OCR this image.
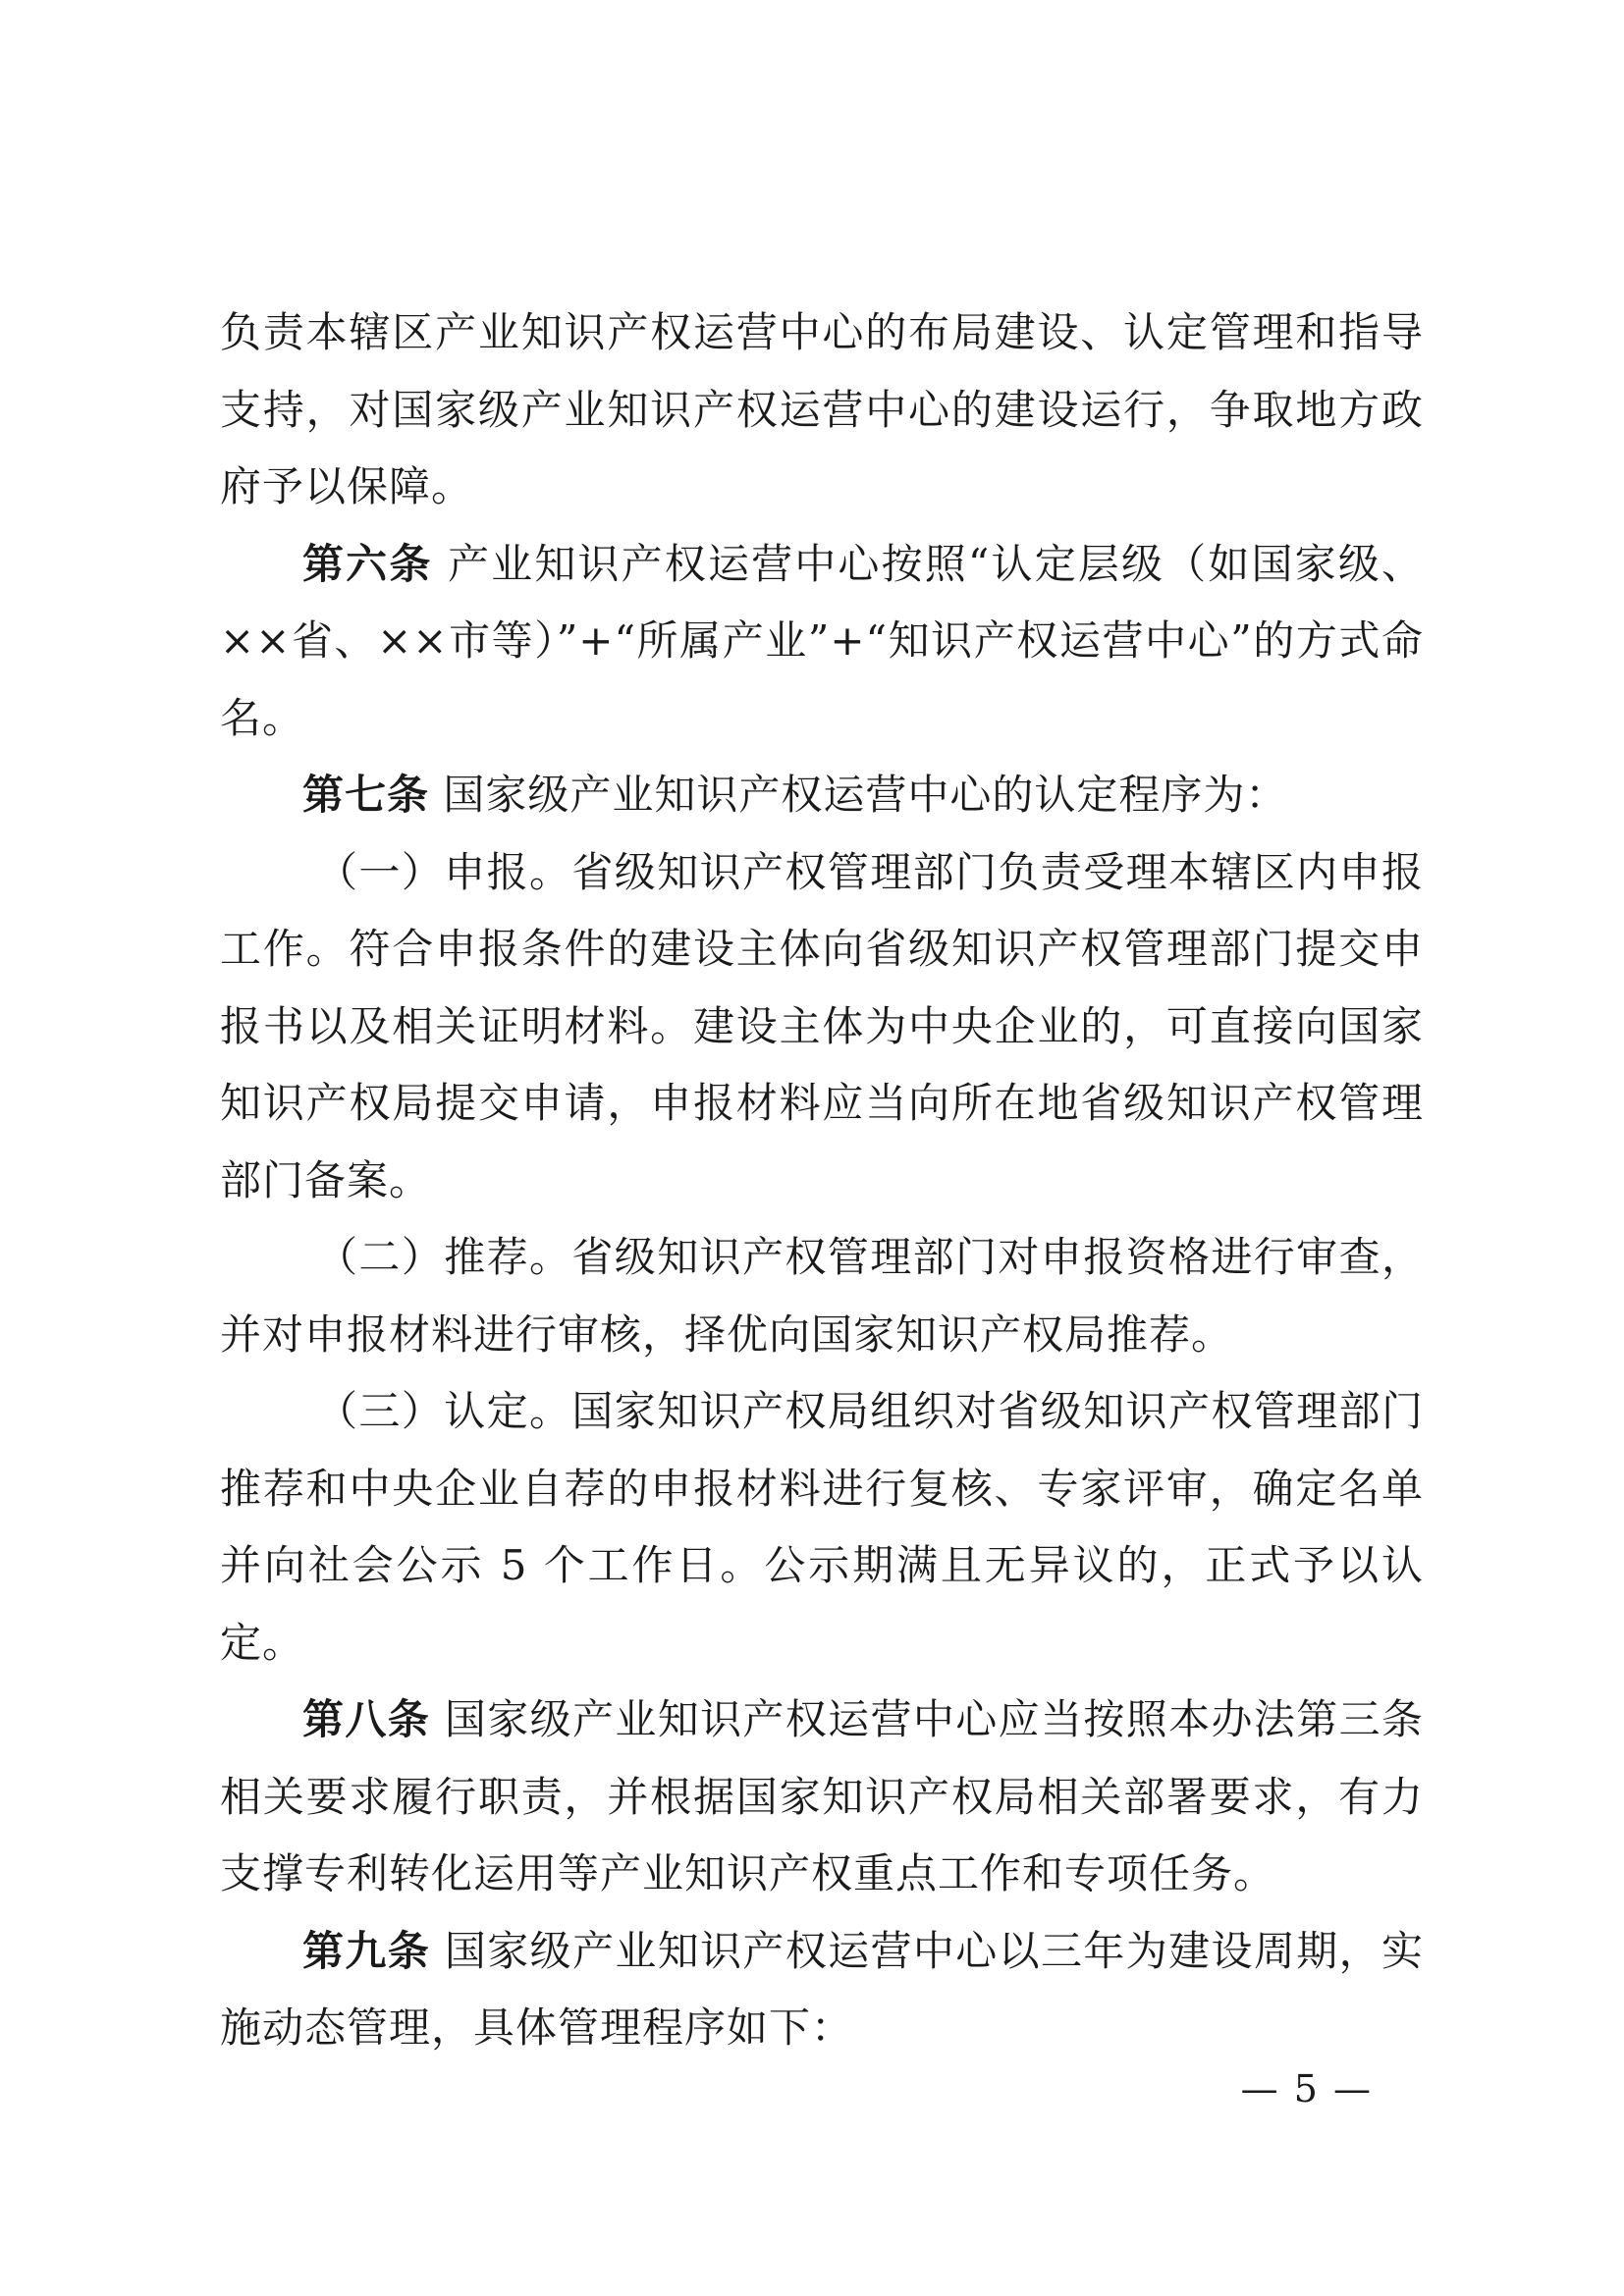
负责本辖区产业知识产权运营中心的布局建设、认定管理和指导支持，对国家级产业知识产权运营中心的建设运行，争取地方政府予以保障。

第六条 产业知识产权运营中心按照“认定层级（如国家级、××省、××市等）”+“所属产业”+“知识产权运营中心”的方式命名。

第七条 国家级产业知识产权运营中心的认定程序为：

（一）申报。省级知识产权管理部门负责受理本辖区内申报工作。符合申报条件的建设主体向省级知识产权管理部门提交申报书以及相关证明材料。建设主体为中央企业的，可直接向国家知识产权局提交申请，申报材料应当向所在地省级知识产权管理部门备案。

（二）推荐。省级知识产权管理部门对申报资格进行审查，并对申报材料进行审核，择优向国家知识产权局推荐。

（三）认定。国家知识产权局组织对省级知识产权管理部门推荐和中央企业自荐的申报材料进行复核、专家评审，确定名单并向社会公示 5 个工作日。公示期满且无异议的，正式予以认定。

第八条 国家级产业知识产权运营中心应当按照本办法第三条相关要求履行职责，并根据国家知识产权局相关部署要求，有力支撑专利转化运用等产业知识产权重点工作和专项任务。

第九条 国家级产业知识产权运营中心以三年为建设周期，实施动态管理，具体管理程序如下：

— 5 —
